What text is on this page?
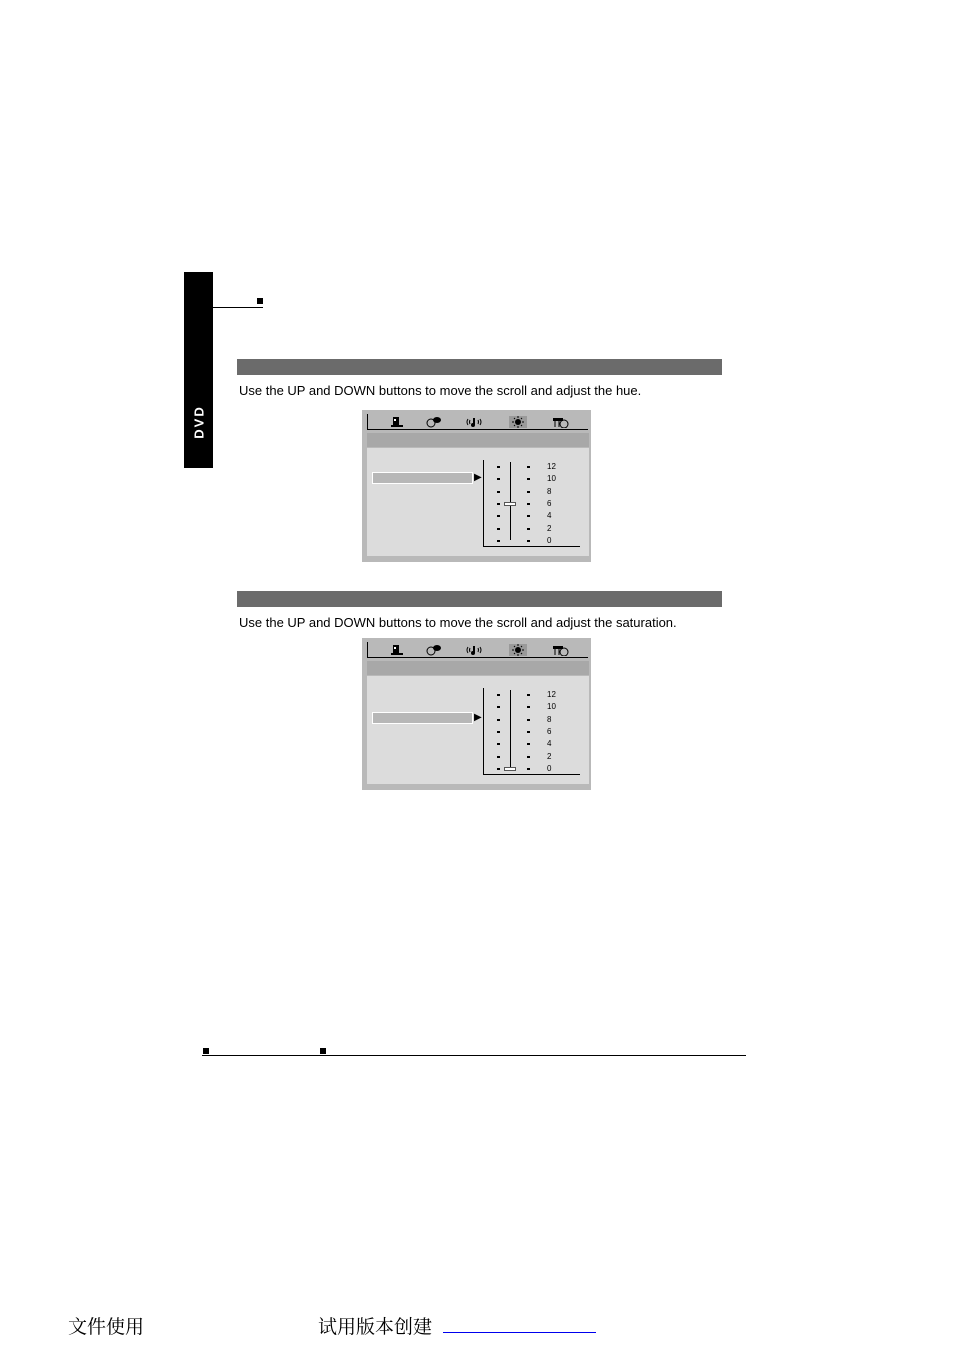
DVD
Use the UP and DOWN buttons to move the scroll and adjust the hue.
▶
12
10
8
6
4
2
0
Use the UP and DOWN buttons to move the scroll and adjust the saturation.
▶
12
10
8
6
4
2
0
文件使用	试用版本创建
